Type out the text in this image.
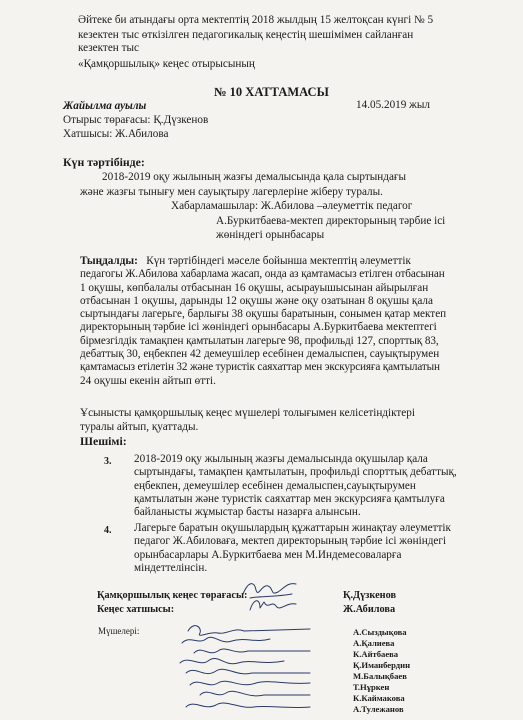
Әйтеке би атындағы орта мектептің 2018 жылдың 15 желтоқсан күнгі № 5
кезектен тыс өткізілген педагогикалық кеңестің шешімімен сайланған
кезектен тыс
«Қамқоршылық» кеңес отырысының
№ 10 ХАТТАМАСЫ
Жайылма ауылы	14.05.2019 жыл
Отырыс төрағасы: Қ.Дүзкенов
Хатшысы: Ж.Абилова
Күн тәртібінде:
2018-2019 оқу жылының жазғы демалысында қала сыртындағы
және жазғы тынығу мен сауықтыру лагерлеріне жіберу туралы.
Хабарламашылар: Ж.Абилова –әлеуметтік педагог
А.Буркитбаева-мектеп директорының тәрбие ісі
жөніндегі орынбасары
Тыңдалды: Күн тәртібіндегі мәселе бойынша мектептің әлеуметтік
педагогы Ж.Абилова хабарлама жасап, онда аз қамтамасыз етілген отбасынан
1 оқушы, көпбалалы отбасынан 16 оқушы, асырауышысынан айырылған
отбасынан 1 оқушы, дарынды 12 оқушы және оқу озатынан 8 оқушы қала
сыртындағы лагерьге, барлығы 38 оқушы баратынын, сонымен қатар мектеп
директорының тәрбие ісі жөніндегі орынбасары А.Буркитбаева мектептегі
бірмезгілдік тамақпен қамтылатын лагерьге 98, профильді 127, спорттық 83,
дебаттық 30, еңбекпен 42 демеушілер есебінен демалыспен, сауықтырумен
қамтамасыз етілетін 32 және туристік саяхаттар мен экскурсияға қамтылатын
24 оқушы екенін айтып өтті.
Ұсынысты қамқоршылық кеңес мүшелері толығымен келісетіндіктері
туралы айтып, қуаттады.
Шешімі:
3. 2018-2019 оқу жылының жазғы демалысында оқушылар қала
сыртындағы, тамақпен қамтылатын, профильді спорттық дебаттық,
еңбекпен, демеушілер есебінен демалыспен,сауықтырумен
қамтылатын және туристік саяхаттар мен экскурсияға қамтылуға
байланысты жұмыстар басты назарға алынсын.
4. Лагерьге баратын оқушылардың құжаттарын жинақтау әлеуметтік
педагог Ж.Абиловаға, мектеп директорының тәрбие ісі жөніндегі
орынбасарлары А.Буркитбаева мен М.Индемесоваларға
міндеттелінсін.
Қамқоршылық кеңес төрағасы:	Қ.Дүзкенов
Кеңес хатшысы:	Ж.Абилова
Мүшелері:	А.Сыздықова
А.Қалиева
К.Айтбаева
Қ.Иманбердин
М.Балықбаев
Т.Нұркен
К.Каймакова
А.Тулежанов
